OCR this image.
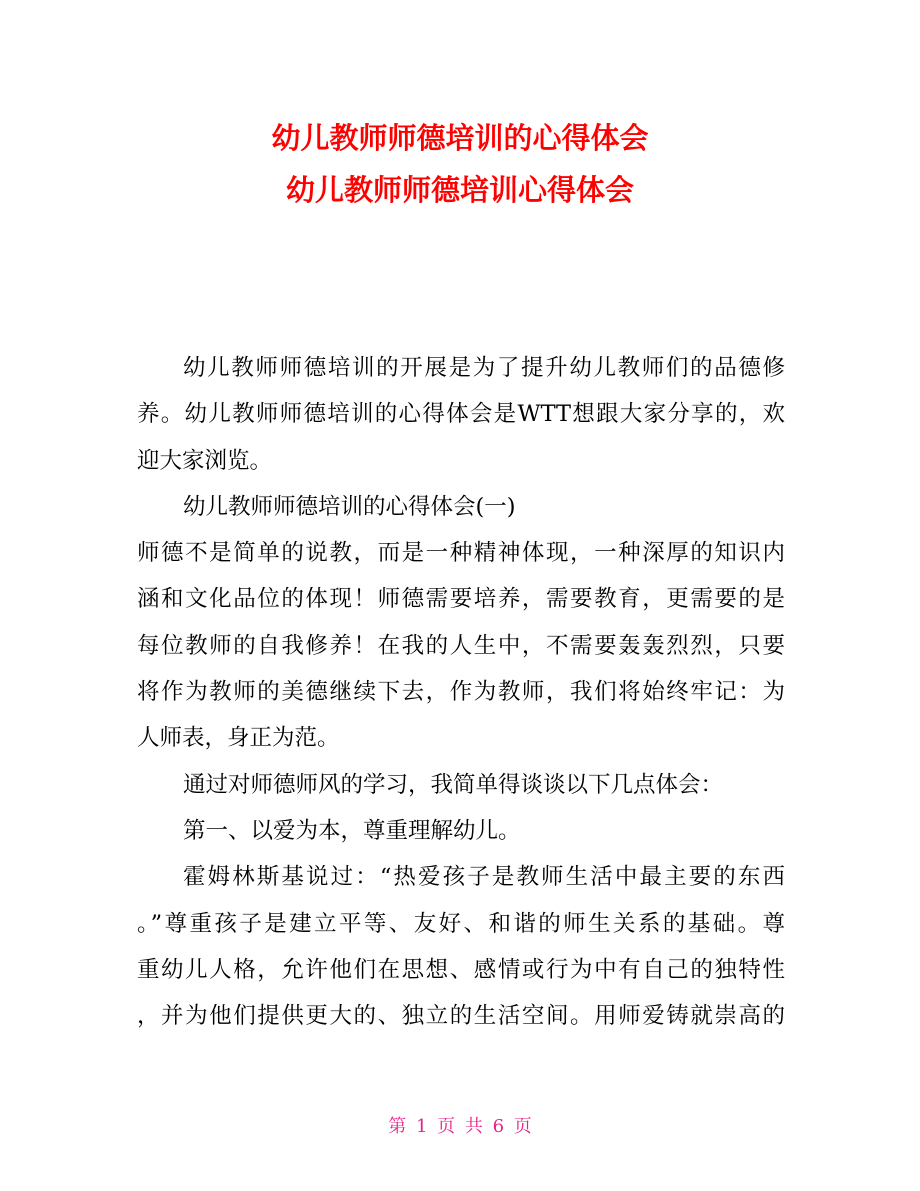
幼儿教师师德培训的心得体会
幼儿教师师德培训心得体会
幼儿教师师德培训的开展是为了提升幼儿教师们的品德修
养。幼儿教师师德培训的心得体会是WTT想跟大家分享的，欢
迎大家浏览。
幼儿教师师德培训的心得体会(一)
师德不是简单的说教，而是一种精神体现，一种深厚的知识内
涵和文化品位的体现！师德需要培养，需要教育，更需要的是
每位教师的自我修养！在我的人生中，不需要轰轰烈烈，只要
将作为教师的美德继续下去，作为教师，我们将始终牢记：为
人师表，身正为范。
通过对师德师风的学习，我简单得谈谈以下几点体会：
第一、以爱为本，尊重理解幼儿。
霍姆林斯基说过：“热爱孩子是教师生活中最主要的东西
。”尊重孩子是建立平等、友好、和谐的师生关系的基础。尊
重幼儿人格，允许他们在思想、感情或行为中有自己的独特性
，并为他们提供更大的、独立的生活空间。用师爱铸就崇高的
第 1 页 共 6 页
